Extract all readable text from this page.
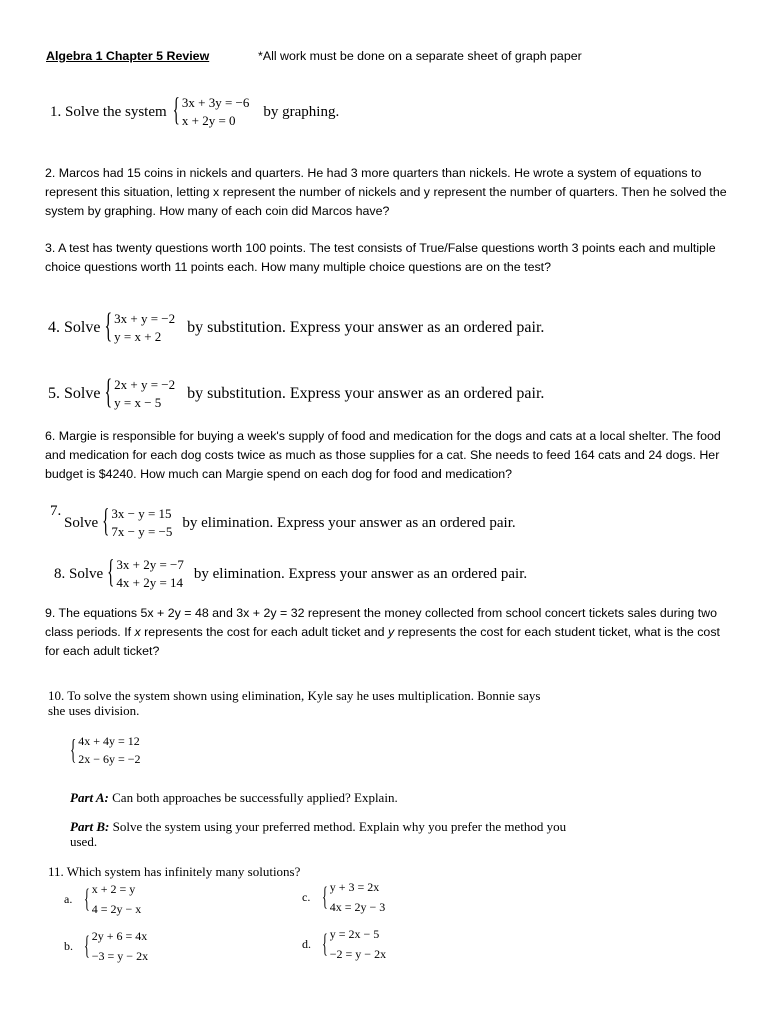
Algebra 1 Chapter 5 Review	*All work must be done on a separate sheet of graph paper
1. Solve the system { 3x + 3y = −6
x + 2y = 0
by graphing.
2. Marcos had 15 coins in nickels and quarters. He had 3 more quarters than nickels. He wrote a system of equations to represent this situation, letting x represent the number of nickels and y represent the number of quarters. Then he solved the system by graphing. How many of each coin did Marcos have?
3. A test has twenty questions worth 100 points. The test consists of True/False questions worth 3 points each and multiple choice questions worth 11 points each. How many multiple choice questions are on the test?
4. Solve { 3x + y = −2
y = x + 2
by substitution. Express your answer as an ordered pair.
5. Solve { 2x + y = −2
y = x − 5
by substitution. Express your answer as an ordered pair.
6. Margie is responsible for buying a week's supply of food and medication for the dogs and cats at a local shelter. The food and medication for each dog costs twice as much as those supplies for a cat. She needs to feed 164 cats and 24 dogs. Her budget is $4240. How much can Margie spend on each dog for food and medication?
7.
Solve { 3x − y = 15
7x − y = −5
by elimination. Express your answer as an ordered pair.
8. Solve { 3x + 2y = −7
4x + 2y = 14
by elimination. Express your answer as an ordered pair.
9. The equations 5x + 2y = 48 and 3x + 2y = 32 represent the money collected from school concert tickets sales during two class periods. If x represents the cost for each adult ticket and y represents the cost for each student ticket, what is the cost for each adult ticket?
10. To solve the system shown using elimination, Kyle say he uses multiplication. Bonnie says she uses division.
{ 4x + 4y = 12
2x − 6y = −2
Part A: Can both approaches be successfully applied? Explain.
Part B: Solve the system using your preferred method. Explain why you prefer the method you used.
11. Which system has infinitely many solutions?
a. { x + 2 = y
4 = 2y − x
b. { 2y + 6 = 4x
−3 = y − 2x
c. { y + 3 = 2x
4x = 2y − 3
d. { y = 2x − 5
−2 = y − 2x
